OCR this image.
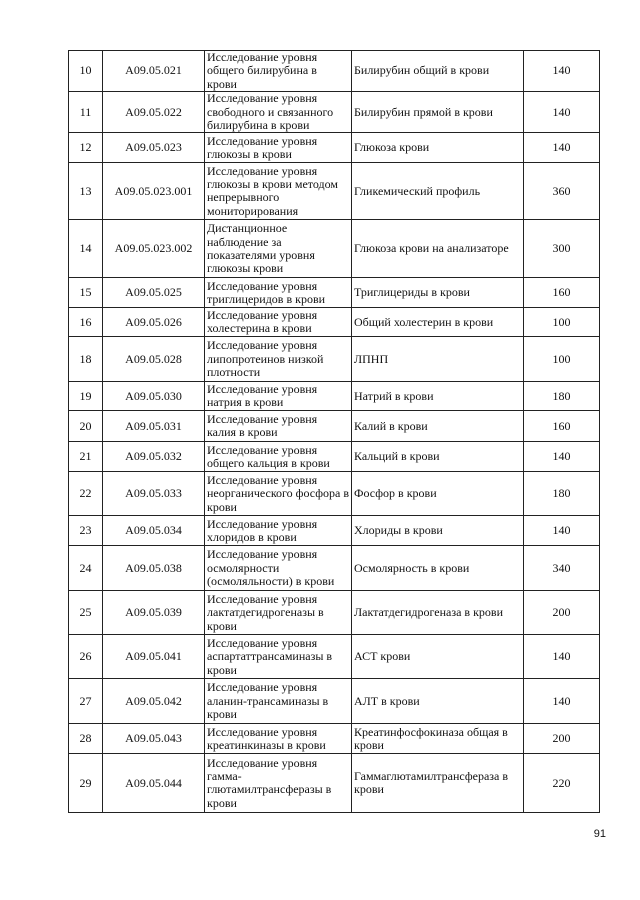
10	А09.05.021	Исследование уровня общего билирубина в крови	Билирубин общий в крови	140
11	А09.05.022	Исследование уровня свободного и связанного билирубина в крови	Билирубин прямой в крови	140
12	А09.05.023	Исследование уровня глюкозы в крови	Глюкоза крови	140
13	А09.05.023.001	Исследование уровня глюкозы в крови методом непрерывного мониторирования	Гликемический профиль	360
14	А09.05.023.002	Дистанционное наблюдение за показателями уровня глюкозы крови	Глюкоза крови на анализаторе	300
15	А09.05.025	Исследование уровня триглицеридов в крови	Триглицериды в крови	160
16	А09.05.026	Исследование уровня холестерина в крови	Общий холестерин в крови	100
18	А09.05.028	Исследование уровня липопротеинов низкой плотности	ЛПНП	100
19	А09.05.030	Исследование уровня натрия в крови	Натрий в крови	180
20	А09.05.031	Исследование уровня калия в крови	Калий в крови	160
21	А09.05.032	Исследование уровня общего кальция в крови	Кальций в крови	140
22	А09.05.033	Исследование уровня неорганического фосфора в крови	Фосфор в крови	180
23	А09.05.034	Исследование уровня хлоридов в крови	Хлориды в крови	140
24	А09.05.038	Исследование уровня осмолярности (осмоляльности) в крови	Осмолярность в крови	340
25	А09.05.039	Исследование уровня лактатдегидрогеназы в крови	Лактатдегидрогеназа в крови	200
26	А09.05.041	Исследование уровня аспартаттрансаминазы в крови	АСТ крови	140
27	А09.05.042	Исследование уровня аланин-трансаминазы в крови	АЛТ в крови	140
28	А09.05.043	Исследование уровня креатинкиназы в крови	Креатинфосфокиназа общая в крови	200
29	А09.05.044	Исследование уровня гамма-глютамилтрансферазы в крови	Гаммаглютамилтрансфераза в крови	220
91
